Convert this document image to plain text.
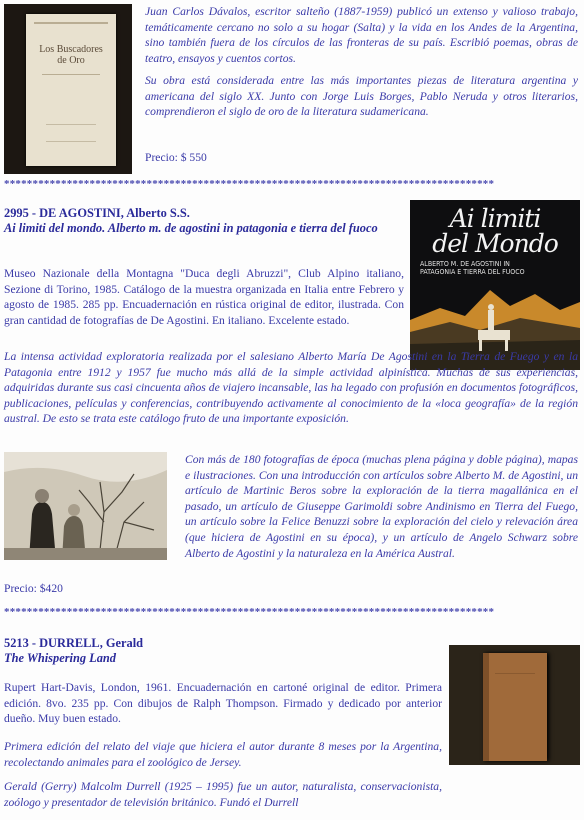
Los Buscadores
de Oro

Juan Carlos Dávalos, escritor salteño (1887-1959) publicó un extenso y valioso trabajo, temáticamente cercano no solo a su hogar (Salta) y la vida en los Andes de la Argentina, sino también fuera de los círculos de las fronteras de su país. Escribió poemas, obras de teatro, ensayos y cuentos cortos.

Su obra está considerada entre las más importantes piezas de literatura argentina y americana del siglo XX. Junto con Jorge Luis Borges, Pablo Neruda y otros literarios, comprendieron el siglo de oro de la literatura sudamericana.

Precio: $ 550

**************************************************************************************

2995 - DE AGOSTINI, Alberto S.S.

Ai limiti del mondo. Alberto m. de agostini in patagonia e tierra del fuoco	Ai limiti
del Mondo
ALBERTO M. DE AGOSTINI IN
PATAGONIA E TIERRA DEL FUOCO

Museo Nazionale della Montagna "Duca degli Abruzzi", Club Alpino italiano, Sezione di Torino, 1985. Catálogo de la muestra organizada en Italia entre Febrero y agosto de 1985. 285 pp. Encuadernación en rústica original de editor, ilustrada. Con gran cantidad de fotografías de De Agostini. En italiano. Excelente estado.

La intensa actividad exploratoria realizada por el salesiano Alberto María De Agostini en la Tierra de Fuego y en la Patagonia entre 1912 y 1957 fue mucho más allá de la simple actividad alpinística. Muchas de sus experiencias, adquiridas durante sus casi cincuenta años de viajero incansable, las ha legado con profusión en documentos fotográficos, publicaciones, películas y conferencias, contribuyendo activamente al conocimiento de la «loca geografía» de la región austral. De esto se trata este catálogo fruto de una importante exposición.

Con más de 180 fotografías de época (muchas plena página y doble página), mapas e ilustraciones. Con una introducción con artículos sobre Alberto M. de Agostini, un artículo de Martinic Beros sobre la exploración de la tierra magallánica en el pasado, un artículo de Giuseppe Garimoldi sobre Andinismo en Tierra del Fuego, un artículo sobre la Felice Benuzzi sobre la exploración del cielo y relevación área (que hiciera de Agostini en su época), y un artículo de Angelo Schwarz sobre Alberto de Agostini y la naturaleza en la América Austral.

Precio: $420

**************************************************************************************

5213 - DURRELL, Gerald

The Whispering Land

Rupert Hart-Davis, London, 1961. Encuadernación en cartoné original de editor. Primera edición. 8vo. 235 pp. Con dibujos de Ralph Thompson. Firmado y dedicado por anterior dueño. Muy buen estado.

Primera edición del relato del viaje que hiciera el autor durante 8 meses por la Argentina, recolectando animales para el zoológico de Jersey.

Gerald (Gerry) Malcolm Durrell (1925 – 1995) fue un autor, naturalista, conservacionista, zoólogo y presentador de televisión británico. Fundó el Durrell
